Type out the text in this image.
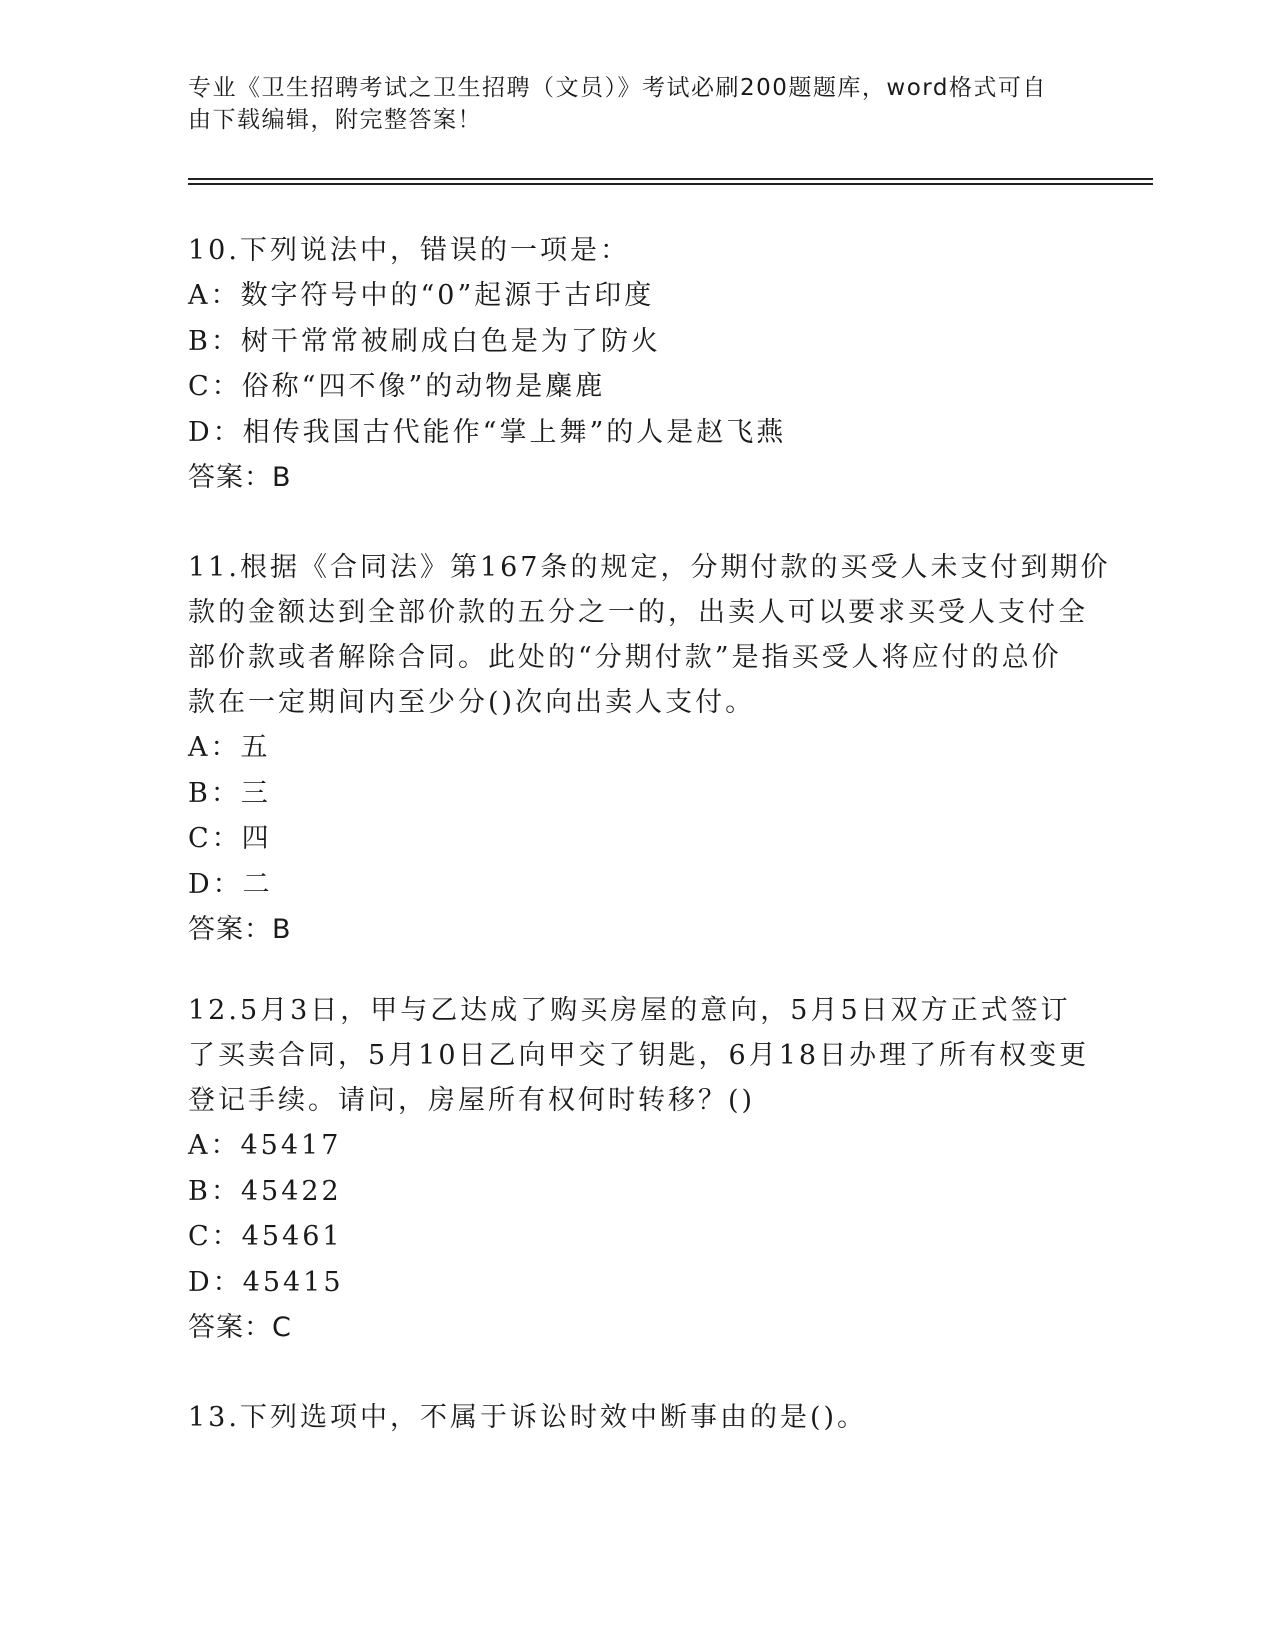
专业《卫生招聘考试之卫生招聘（文员）》考试必刷200题题库，word格式可自
由下载编辑，附完整答案！
10.下列说法中，错误的一项是：
A：数字符号中的“0”起源于古印度
B：树干常常被刷成白色是为了防火
C：俗称“四不像”的动物是麋鹿
D：相传我国古代能作“掌上舞”的人是赵飞燕
答案：B
11.根据《合同法》第167条的规定，分期付款的买受人未支付到期价
款的金额达到全部价款的五分之一的，出卖人可以要求买受人支付全
部价款或者解除合同。此处的“分期付款”是指买受人将应付的总价
款在一定期间内至少分()次向出卖人支付。
A：五
B：三
C：四
D：二
答案：B
12.5月3日，甲与乙达成了购买房屋的意向，5月5日双方正式签订
了买卖合同，5月10日乙向甲交了钥匙，6月18日办理了所有权变更
登记手续。请问，房屋所有权何时转移？()
A：45417
B：45422
C：45461
D：45415
答案：C
13.下列选项中，不属于诉讼时效中断事由的是()。
